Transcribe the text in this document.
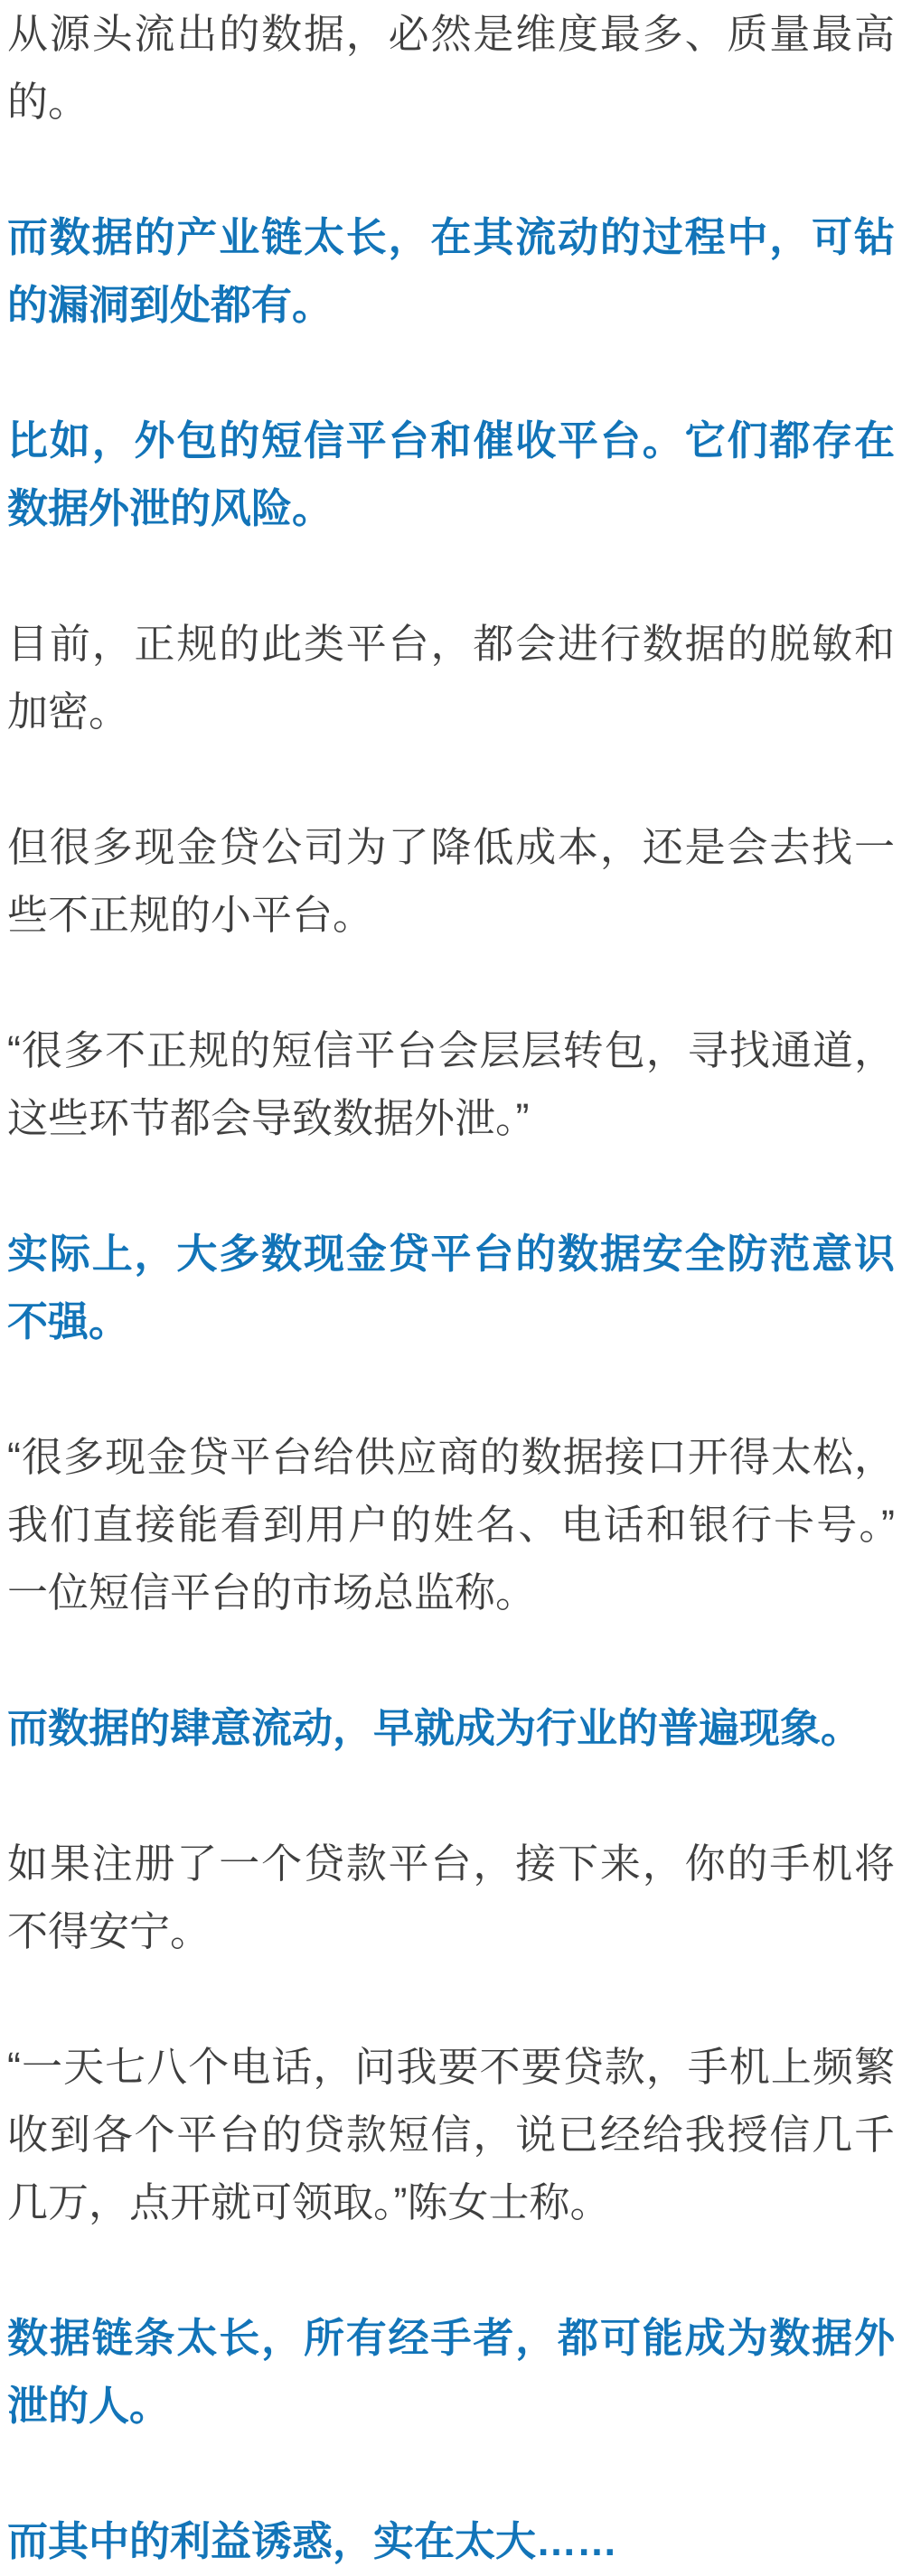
从源头流出的数据，必然是维度最多、质量最高的。

而数据的产业链太长，在其流动的过程中，可钻的漏洞到处都有。

比如，外包的短信平台和催收平台。它们都存在数据外泄的风险。

目前，正规的此类平台，都会进行数据的脱敏和加密。

但很多现金贷公司为了降低成本，还是会去找一些不正规的小平台。

“很多不正规的短信平台会层层转包，寻找通道，这些环节都会导致数据外泄。”

实际上，大多数现金贷平台的数据安全防范意识不强。

“很多现金贷平台给供应商的数据接口开得太松，我们直接能看到用户的姓名、电话和银行卡号。”一位短信平台的市场总监称。

而数据的肆意流动，早就成为行业的普遍现象。

如果注册了一个贷款平台，接下来，你的手机将不得安宁。

“一天七八个电话，问我要不要贷款，手机上频繁收到各个平台的贷款短信，说已经给我授信几千几万，点开就可领取。”陈女士称。

数据链条太长，所有经手者，都可能成为数据外泄的人。

而其中的利益诱惑，实在太大……
